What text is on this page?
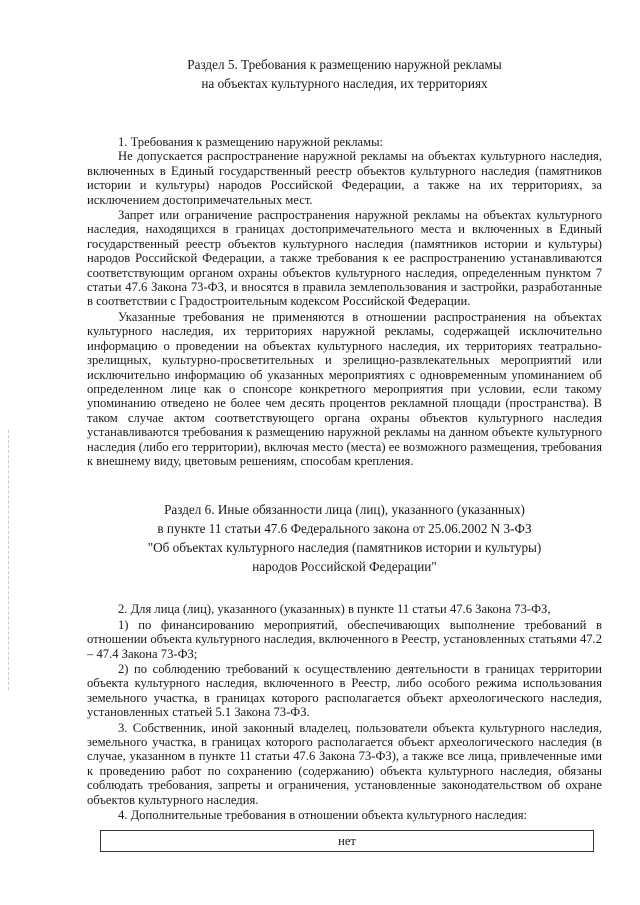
Раздел 5. Требования к размещению наружной рекламы
на объектах культурного наследия, их территориях
1. Требования к размещению наружной рекламы:

Не допускается распространение наружной рекламы на объектах культурного наследия, включенных в Единый государственный реестр объектов культурного наследия (памятников истории и культуры) народов Российской Федерации, а также на их территориях, за исключением достопримечательных мест.

Запрет или ограничение распространения наружной рекламы на объектах культурного наследия, находящихся в границах достопримечательного места и включенных в Единый государственный реестр объектов культурного наследия (памятников истории и культуры) народов Российской Федерации, а также требования к ее распространению устанавливаются соответствующим органом охраны объектов культурного наследия, определенным пунктом 7 статьи 47.6 Закона 73-ФЗ, и вносятся в правила землепользования и застройки, разработанные в соответствии с Градостроительным кодексом Российской Федерации.

Указанные требования не применяются в отношении распространения на объектах культурного наследия, их территориях наружной рекламы, содержащей исключительно информацию о проведении на объектах культурного наследия, их территориях театрально-зрелищных, культурно-просветительных и зрелищно-развлекательных мероприятий или исключительно информацию об указанных мероприятиях с одновременным упоминанием об определенном лице как о спонсоре конкретного мероприятия при условии, если такому упоминанию отведено не более чем десять процентов рекламной площади (пространства). В таком случае актом соответствующего органа охраны объектов культурного наследия устанавливаются требования к размещению наружной рекламы на данном объекте культурного наследия (либо его территории), включая место (места) ее возможного размещения, требования к внешнему виду, цветовым решениям, способам крепления.

Раздел 6. Иные обязанности лица (лиц), указанного (указанных)
в пункте 11 статьи 47.6 Федерального закона от 25.06.2002 N 3-ФЗ
"Об объектах культурного наследия (памятников истории и культуры)
народов Российской Федерации"

2. Для лица (лиц), указанного (указанных) в пункте 11 статьи 47.6 Закона 73-ФЗ,

1) по финансированию мероприятий, обеспечивающих выполнение требований в отношении объекта культурного наследия, включенного в Реестр, установленных статьями 47.2 – 47.4 Закона 73-ФЗ;

2) по соблюдению требований к осуществлению деятельности в границах территории объекта культурного наследия, включенного в Реестр, либо особого режима использования земельного участка, в границах которого располагается объект археологического наследия, установленных статьей 5.1 Закона 73-ФЗ.

3. Собственник, иной законный владелец, пользователи объекта культурного наследия, земельного участка, в границах которого располагается объект археологического наследия (в случае, указанном в пункте 11 статьи 47.6 Закона 73-ФЗ), а также все лица, привлеченные ими к проведению работ по сохранению (содержанию) объекта культурного наследия, обязаны соблюдать требования, запреты и ограничения, установленные законодательством об охране объектов культурного наследия.

4. Дополнительные требования в отношении объекта культурного наследия:

нет
